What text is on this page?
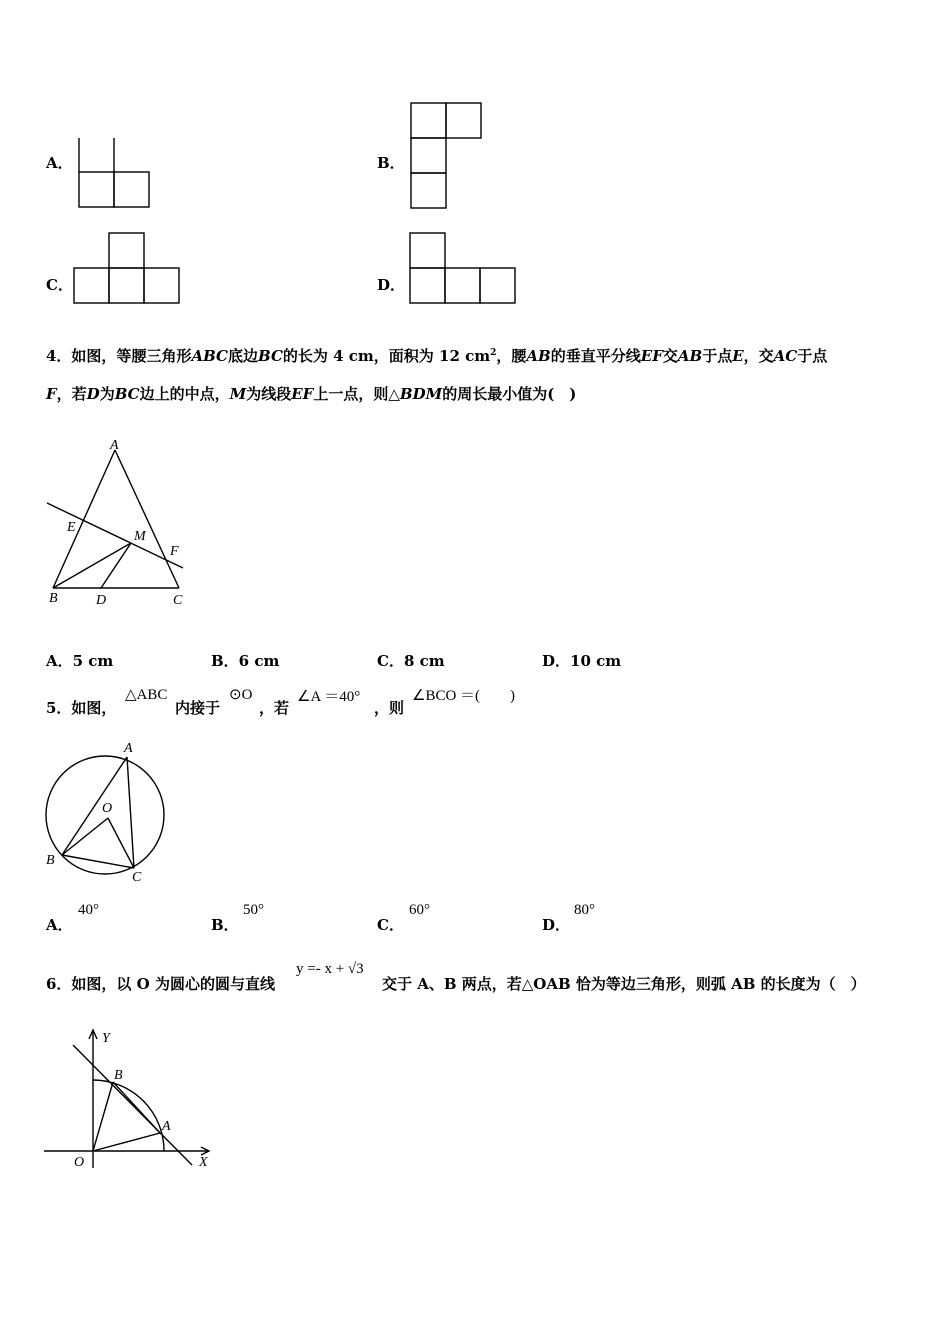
A．	B．
C．	D．
4．如图，等腰三角形ABC底边BC的长为 4 cm，面积为 12 $cm^2$，腰AB的垂直平分线EF交AB于点E，交AC于点
F，若D为BC边上的中点，M为线段EF上一点，则△BDM的周长最小值为(　)
A
E
M
F
B	D	C
A．5 cm	B．6 cm	C．8 cm	D．10 cm
5．如图，
△ABC
内接于
⊙O
，若
∠A ＝40°
，则
∠BCO ＝(　　)
A
O
B
C
A．
40°
B．
50°
C．
60°
D．
80°
6．如图，以 O 为圆心的圆与直线
y =- x + √3
交于 A、B 两点，若△OAB 恰为等边三角形，则弧 AB 的长度为（　）
Y
X
O
B
A
